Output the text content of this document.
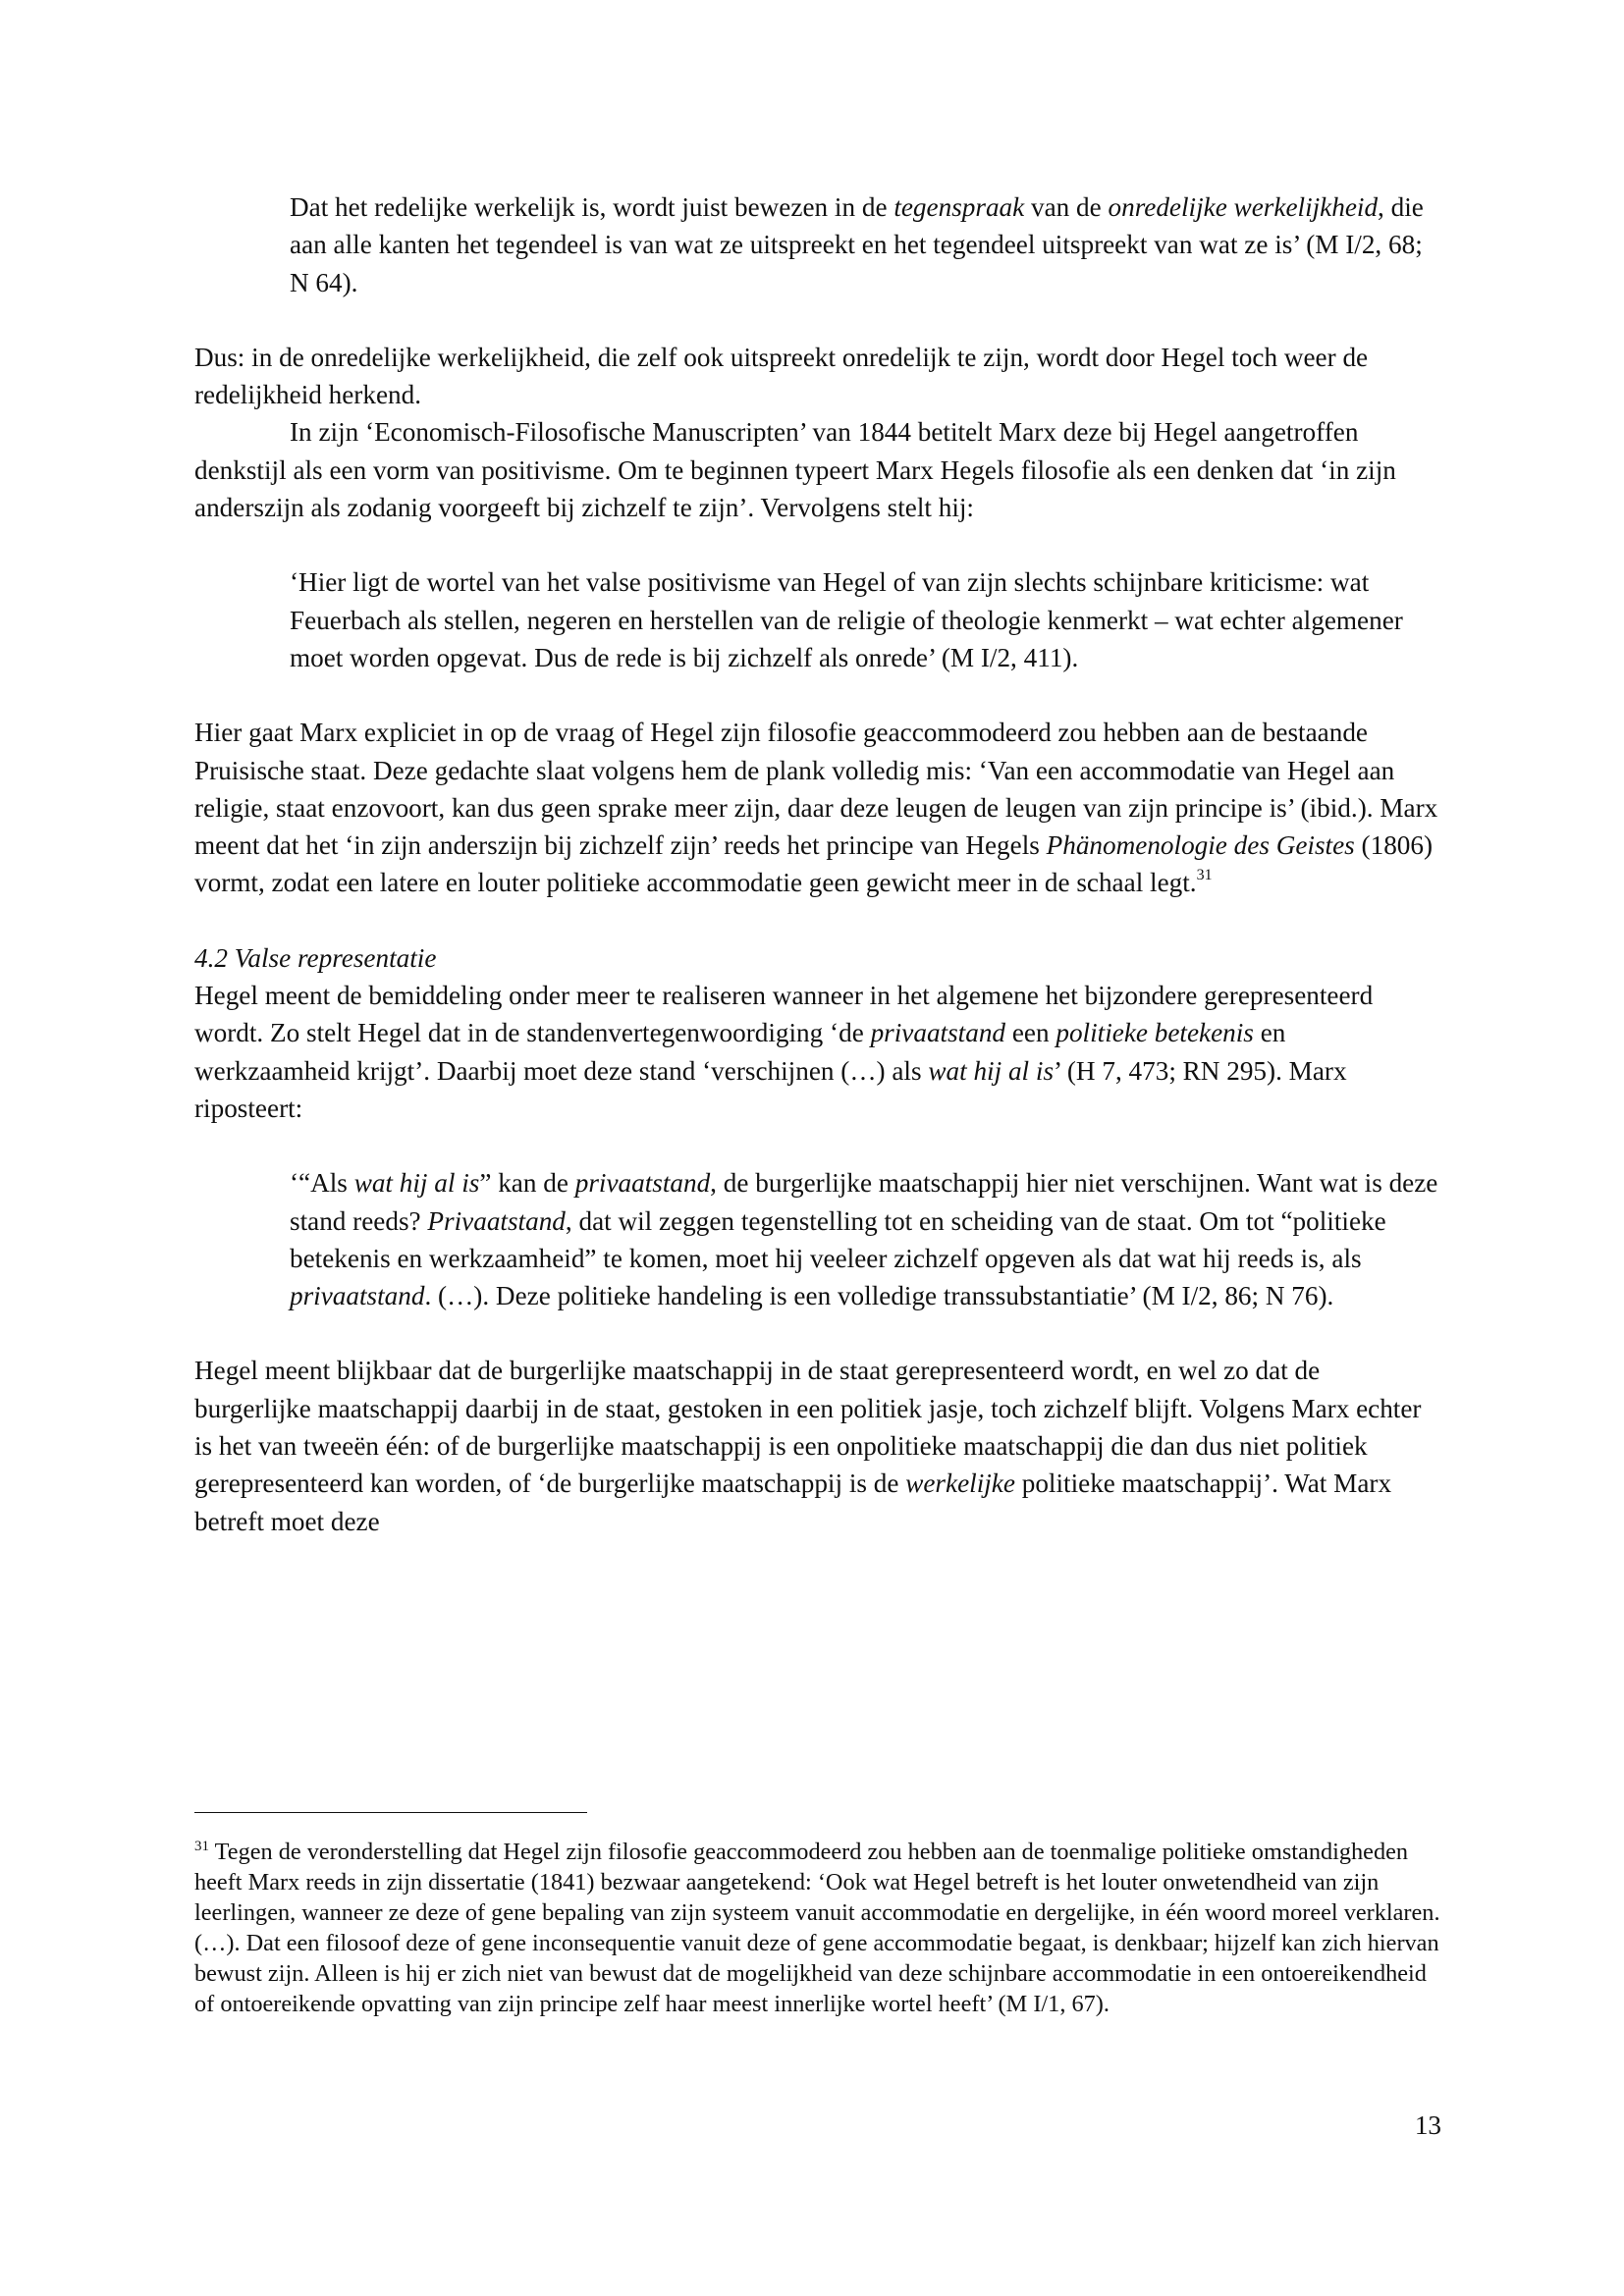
Dat het redelijke werkelijk is, wordt juist bewezen in de tegenspraak van de onredelijke werkelijkheid, die aan alle kanten het tegendeel is van wat ze uitspreekt en het tegendeel uitspreekt van wat ze is’ (M I/2, 68; N 64).

Dus: in de onredelijke werkelijkheid, die zelf ook uitspreekt onredelijk te zijn, wordt door Hegel toch weer de redelijkheid herkend.

In zijn ‘Economisch-Filosofische Manuscripten’ van 1844 betitelt Marx deze bij Hegel aangetroffen denkstijl als een vorm van positivisme. Om te beginnen typeert Marx Hegels filosofie als een denken dat ‘in zijn anderszijn als zodanig voorgeeft bij zichzelf te zijn’. Vervolgens stelt hij:

‘Hier ligt de wortel van het valse positivisme van Hegel of van zijn slechts schijnbare kriticisme: wat Feuerbach als stellen, negeren en herstellen van de religie of theologie kenmerkt – wat echter algemener moet worden opgevat. Dus de rede is bij zichzelf als onrede’ (M I/2, 411).

Hier gaat Marx expliciet in op de vraag of Hegel zijn filosofie geaccommodeerd zou hebben aan de bestaande Pruisische staat. Deze gedachte slaat volgens hem de plank volledig mis: ‘Van een accommodatie van Hegel aan religie, staat enzovoort, kan dus geen sprake meer zijn, daar deze leugen de leugen van zijn principe is’ (ibid.). Marx meent dat het ‘in zijn anderszijn bij zichzelf zijn’ reeds het principe van Hegels Phänomenologie des Geistes (1806) vormt, zodat een latere en louter politieke accommodatie geen gewicht meer in de schaal legt.$^{31}$

4.2 Valse representatie

Hegel meent de bemiddeling onder meer te realiseren wanneer in het algemene het bijzondere gerepresenteerd wordt. Zo stelt Hegel dat in de standenvertegenwoordiging ‘de privaatstand een politieke betekenis en werkzaamheid krijgt’. Daarbij moet deze stand ‘verschijnen (…) als wat hij al is’ (H 7, 473; RN 295). Marx riposteert:

‘“Als wat hij al is” kan de privaatstand, de burgerlijke maatschappij hier niet verschijnen. Want wat is deze stand reeds? Privaatstand, dat wil zeggen tegenstelling tot en scheiding van de staat. Om tot “politieke betekenis en werkzaamheid” te komen, moet hij veeleer zichzelf opgeven als dat wat hij reeds is, als privaatstand. (…). Deze politieke handeling is een volledige transsubstantiatie’ (M I/2, 86; N 76).

Hegel meent blijkbaar dat de burgerlijke maatschappij in de staat gerepresenteerd wordt, en wel zo dat de burgerlijke maatschappij daarbij in de staat, gestoken in een politiek jasje, toch zichzelf blijft. Volgens Marx echter is het van tweeën één: of de burgerlijke maatschappij is een onpolitieke maatschappij die dan dus niet politiek gerepresenteerd kan worden, of ‘de burgerlijke maatschappij is de werkelijke politieke maatschappij’. Wat Marx betreft moet deze

$^{31}$ Tegen de veronderstelling dat Hegel zijn filosofie geaccommodeerd zou hebben aan de toenmalige politieke omstandigheden heeft Marx reeds in zijn dissertatie (1841) bezwaar aangetekend: ‘Ook wat Hegel betreft is het louter onwetendheid van zijn leerlingen, wanneer ze deze of gene bepaling van zijn systeem vanuit accommodatie en dergelijke, in één woord moreel verklaren. (…). Dat een filosoof deze of gene inconsequentie vanuit deze of gene accommodatie begaat, is denkbaar; hijzelf kan zich hiervan bewust zijn. Alleen is hij er zich niet van bewust dat de mogelijkheid van deze schijnbare accommodatie in een ontoereikendheid of ontoereikende opvatting van zijn principe zelf haar meest innerlijke wortel heeft’ (M I/1, 67).

13
